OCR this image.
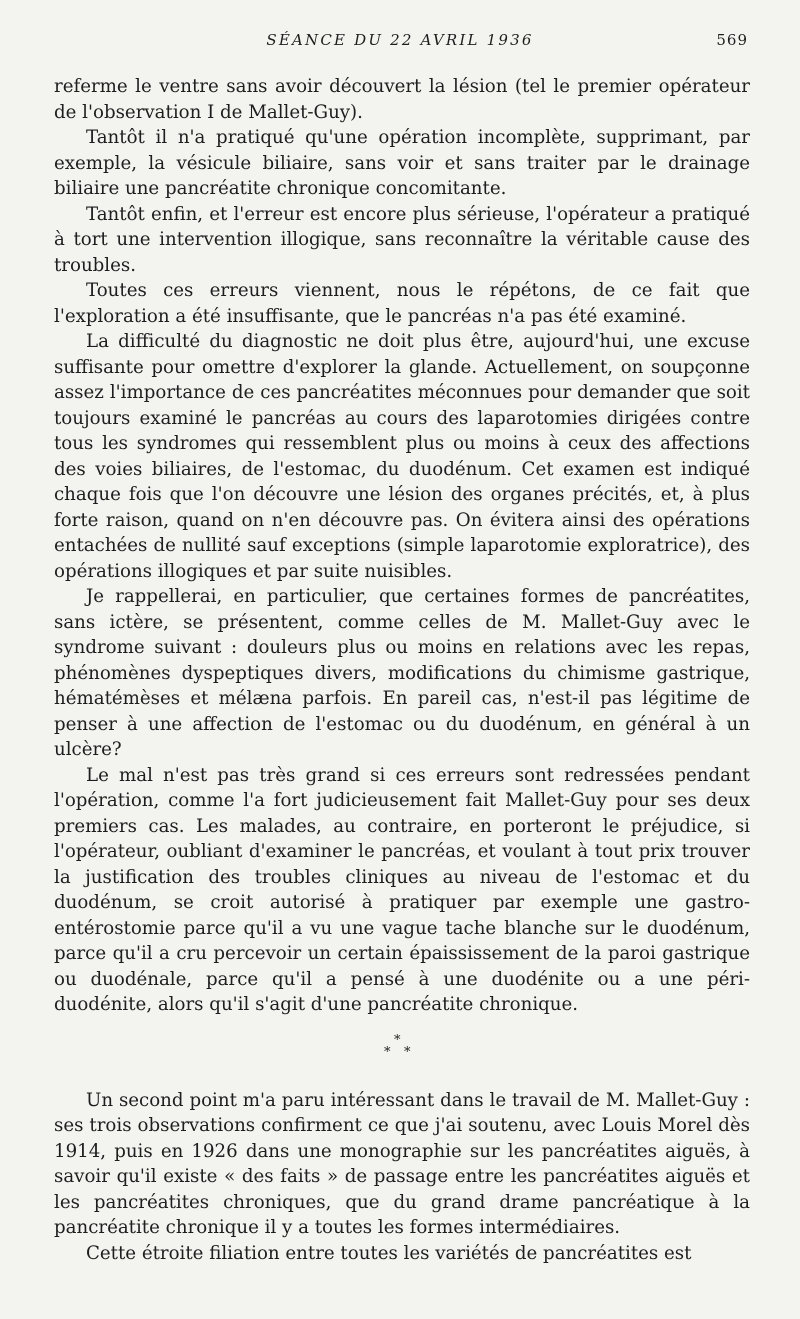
SÉANCE DU 22 AVRIL 1936	569

referme le ventre sans avoir découvert la lésion (tel le premier opérateur de l'observation I de Mallet-Guy).

Tantôt il n'a pratiqué qu'une opération incomplète, supprimant, par exemple, la vésicule biliaire, sans voir et sans traiter par le drainage biliaire une pancréatite chronique concomitante.

Tantôt enfin, et l'erreur est encore plus sérieuse, l'opérateur a pratiqué à tort une intervention illogique, sans reconnaître la véritable cause des troubles.

Toutes ces erreurs viennent, nous le répétons, de ce fait que l'exploration a été insuffisante, que le pancréas n'a pas été examiné.

La difficulté du diagnostic ne doit plus être, aujourd'hui, une excuse suffisante pour omettre d'explorer la glande. Actuellement, on soupçonne assez l'importance de ces pancréatites méconnues pour demander que soit toujours examiné le pancréas au cours des laparotomies dirigées contre tous les syndromes qui ressemblent plus ou moins à ceux des affections des voies biliaires, de l'estomac, du duodénum. Cet examen est indiqué chaque fois que l'on découvre une lésion des organes précités, et, à plus forte raison, quand on n'en découvre pas. On évitera ainsi des opérations entachées de nullité sauf exceptions (simple laparotomie exploratrice), des opérations illogiques et par suite nuisibles.

Je rappellerai, en particulier, que certaines formes de pancréatites, sans ictère, se présentent, comme celles de M. Mallet-Guy avec le syndrome suivant : douleurs plus ou moins en relations avec les repas, phénomènes dyspeptiques divers, modifications du chimisme gastrique, hématémèses et mélæna parfois. En pareil cas, n'est-il pas légitime de penser à une affection de l'estomac ou du duodénum, en général à un ulcère?

Le mal n'est pas très grand si ces erreurs sont redressées pendant l'opération, comme l'a fort judicieusement fait Mallet-Guy pour ses deux premiers cas. Les malades, au contraire, en porteront le préjudice, si l'opérateur, oubliant d'examiner le pancréas, et voulant à tout prix trouver la justification des troubles cliniques au niveau de l'estomac et du duodénum, se croit autorisé à pratiquer par exemple une gastro-entérostomie parce qu'il a vu une vague tache blanche sur le duodénum, parce qu'il a cru percevoir un certain épaississement de la paroi gastrique ou duodénale, parce qu'il a pensé à une duodénite ou a une péri-duodénite, alors qu'il s'agit d'une pancréatite chronique.

*
* *

Un second point m'a paru intéressant dans le travail de M. Mallet-Guy : ses trois observations confirment ce que j'ai soutenu, avec Louis Morel dès 1914, puis en 1926 dans une monographie sur les pancréatites aiguës, à savoir qu'il existe « des faits » de passage entre les pancréatites aiguës et les pancréatites chroniques, que du grand drame pancréatique à la pancréatite chronique il y a toutes les formes intermédiaires.

Cette étroite filiation entre toutes les variétés de pancréatites est
